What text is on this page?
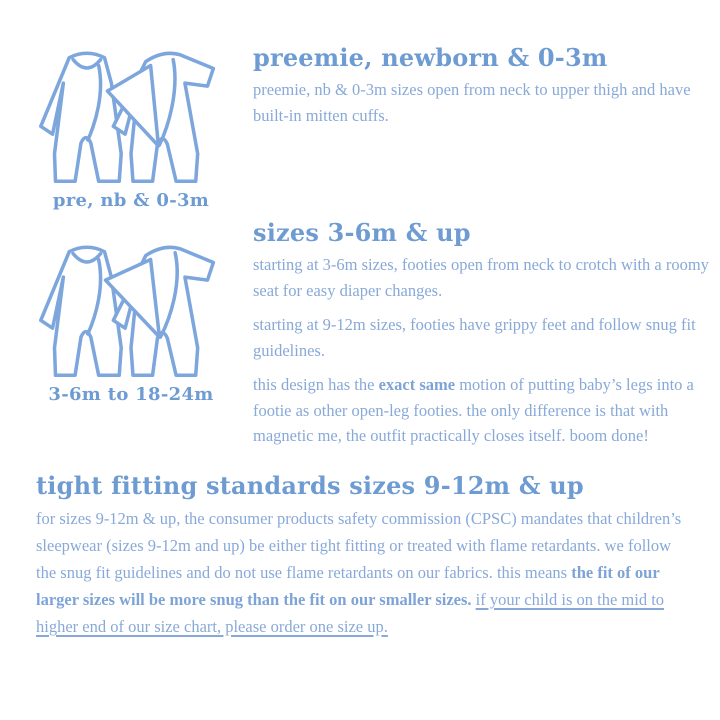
pre, nb & 0-3m
preemie, newborn & 0-3m

preemie, nb & 0-3m sizes open from neck to upper thigh and have built-in mitten cuffs.

3-6m to 18-24m
sizes 3-6m & up

starting at 3-6m sizes, footies open from neck to crotch with a roomy seat for easy diaper changes.

starting at 9-12m sizes, footies have grippy feet and follow snug fit guidelines.

this design has the exact same motion of putting baby’s legs into a footie as other open-leg footies. the only difference is that with magnetic me, the outfit practically closes itself. boom done!

tight fitting standards sizes 9-12m & up

for sizes 9-12m & up, the consumer products safety commission (CPSC) mandates that children’s sleepwear (sizes 9-12m and up) be either tight fitting or treated with flame retardants. we follow the snug fit guidelines and do not use flame retardants on our fabrics. this means the fit of our larger sizes will be more snug than the fit on our smaller sizes. if your child is on the mid to higher end of our size chart, please order one size up.
